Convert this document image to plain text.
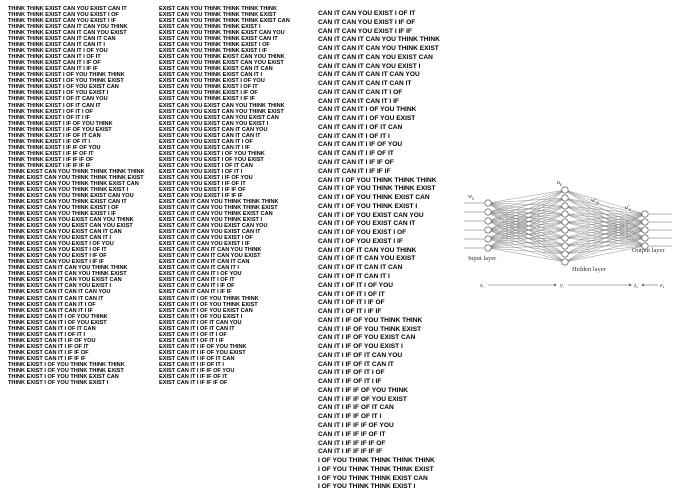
THINK THINK EXIST CAN YOU EXIST CAN IT
THINK THINK EXIST CAN YOU EXIST I OF
THINK THINK EXIST CAN YOU EXIST I IF
THINK THINK EXIST CAN IT CAN YOU THINK
THINK THINK EXIST CAN IT CAN YOU EXIST
THINK THINK EXIST CAN IT CAN IT CAN
THINK THINK EXIST CAN IT CAN IT I
THINK THINK EXIST CAN IT I OF YOU
THINK THINK EXIST CAN IT I OF IT
THINK THINK EXIST CAN IT I IF OF
THINK THINK EXIST CAN IT I IF IF
THINK THINK EXIST I OF YOU THINK THINK
THINK THINK EXIST I OF YOU THINK EXIST
THINK THINK EXIST I OF YOU EXIST CAN
THINK THINK EXIST I OF YOU EXIST I
THINK THINK EXIST I OF IT CAN YOU
THINK THINK EXIST I OF IT CAN IT
THINK THINK EXIST I OF IT I OF
THINK THINK EXIST I OF IT I IF
THINK THINK EXIST I IF OF YOU THINK
THINK THINK EXIST I IF OF YOU EXIST
THINK THINK EXIST I IF OF IT CAN
THINK THINK EXIST I IF OF IT I
THINK THINK EXIST I IF IF OF YOU
THINK THINK EXIST I IF IF OF IT
THINK THINK EXIST I IF IF IF OF
THINK THINK EXIST I IF IF IF IF
THINK EXIST CAN YOU THINK THINK THINK THINK
THINK EXIST CAN YOU THINK THINK THINK EXIST
THINK EXIST CAN YOU THINK THINK EXIST CAN
THINK EXIST CAN YOU THINK THINK EXIST I
THINK EXIST CAN YOU THINK EXIST CAN YOU
THINK EXIST CAN YOU THINK EXIST CAN IT
THINK EXIST CAN YOU THINK EXIST I OF
THINK EXIST CAN YOU THINK EXIST I IF
THINK EXIST CAN YOU EXIST CAN YOU THINK
THINK EXIST CAN YOU EXIST CAN YOU EXIST
THINK EXIST CAN YOU EXIST CAN IT CAN
THINK EXIST CAN YOU EXIST CAN IT I
THINK EXIST CAN YOU EXIST I OF YOU
THINK EXIST CAN YOU EXIST I OF IT
THINK EXIST CAN YOU EXIST I IF OF
THINK EXIST CAN YOU EXIST I IF IF
THINK EXIST CAN IT CAN YOU THINK THINK
THINK EXIST CAN IT CAN YOU THINK EXIST
THINK EXIST CAN IT CAN YOU EXIST CAN
THINK EXIST CAN IT CAN YOU EXIST I
THINK EXIST CAN IT CAN IT CAN YOU
THINK EXIST CAN IT CAN IT CAN IT
THINK EXIST CAN IT CAN IT I OF
THINK EXIST CAN IT CAN IT I IF
THINK EXIST CAN IT I OF YOU THINK
THINK EXIST CAN IT I OF YOU EXIST
THINK EXIST CAN IT I OF IT CAN
THINK EXIST CAN IT I OF IT I
THINK EXIST CAN IT I IF OF YOU
THINK EXIST CAN IT I IF OF IT
THINK EXIST CAN IT I IF IF OF
THINK EXIST CAN IT I IF IF IF
THINK EXIST I OF YOU THINK THINK THINK
THINK EXIST I OF YOU THINK THINK EXIST
THINK EXIST I OF YOU THINK EXIST CAN
THINK EXIST I OF YOU THINK EXIST I
EXIST CAN YOU THINK THINK THINK THINK
EXIST CAN YOU THINK THINK THINK EXIST
EXIST CAN YOU THINK THINK THINK EXIST CAN
EXIST CAN YOU THINK THINK EXIST I
EXIST CAN YOU THINK THINK EXIST CAN YOU
EXIST CAN YOU THINK THINK EXIST CAN IT
EXIST CAN YOU THINK THINK EXIST I OF
EXIST CAN YOU THINK THINK EXIST I IF
EXIST CAN YOU THINK EXIST CAN YOU THINK
EXIST CAN YOU THINK EXIST CAN YOU EXIST
EXIST CAN YOU THINK EXIST CAN IT CAN
EXIST CAN YOU THINK EXIST CAN IT I
EXIST CAN YOU THINK EXIST I OF YOU
EXIST CAN YOU THINK EXIST I OF IT
EXIST CAN YOU THINK EXIST I IF OF
EXIST CAN YOU THINK EXIST I IF IF
EXIST CAN YOU EXIST CAN YOU THINK THINK
EXIST CAN YOU EXIST CAN YOU THINK EXIST
EXIST CAN YOU EXIST CAN YOU EXIST CAN
EXIST CAN YOU EXIST CAN YOU EXIST I
EXIST CAN YOU EXIST CAN IT CAN YOU
EXIST CAN YOU EXIST CAN IT CAN IT
EXIST CAN YOU EXIST CAN IT I OF
EXIST CAN YOU EXIST CAN IT I IF
EXIST CAN YOU EXIST I OF YOU THINK
EXIST CAN YOU EXIST I OF YOU EXIST
EXIST CAN YOU EXIST I OF IT CAN
EXIST CAN YOU EXIST I OF IT I
EXIST CAN YOU EXIST I IF OF YOU
EXIST CAN YOU EXIST I IF OF IT
EXIST CAN YOU EXIST I IF IF OF
EXIST CAN YOU EXIST I IF IF IF
EXIST CAN IT CAN YOU THINK THINK THINK
EXIST CAN IT CAN YOU THINK THINK EXIST
EXIST CAN IT CAN YOU THINK EXIST CAN
EXIST CAN IT CAN YOU THINK EXIST I
EXIST CAN IT CAN YOU EXIST CAN YOU
EXIST CAN IT CAN YOU EXIST CAN IT
EXIST CAN IT CAN YOU EXIST I OF
EXIST CAN IT CAN YOU EXIST I IF
EXIST CAN IT CAN IT CAN YOU THINK
EXIST CAN IT CAN IT CAN YOU EXIST
EXIST CAN IT CAN IT CAN IT CAN
EXIST CAN IT CAN IT CAN IT I
EXIST CAN IT CAN IT I OF YOU
EXIST CAN IT CAN IT I OF IT
EXIST CAN IT CAN IT I IF OF
EXIST CAN IT CAN IT I IF IF
EXIST CAN IT I OF YOU THINK THINK
EXIST CAN IT I OF YOU THINK EXIST
EXIST CAN IT I OF YOU EXIST CAN
EXIST CAN IT I OF YOU EXIST I
EXIST CAN IT I OF IT CAN YOU
EXIST CAN IT I OF IT CAN IT
EXIST CAN IT I OF IT I OF
EXIST CAN IT I OF IT I IF
EXIST CAN IT I IF OF YOU THINK
EXIST CAN IT I IF OF YOU EXIST
EXIST CAN IT I IF OF IT CAN
EXIST CAN IT I IF OF IT I
EXIST CAN IT I IF IF OF YOU
EXIST CAN IT I IF IF OF IT
EXIST CAN IT I IF IF IF OF
CAN IT CAN YOU EXIST I OF IT
CAN IT CAN YOU EXIST I IF OF
CAN IT CAN YOU EXIST I IF IF
CAN IT CAN IT CAN YOU THINK THINK
CAN IT CAN IT CAN YOU THINK EXIST
CAN IT CAN IT CAN YOU EXIST CAN
CAN IT CAN IT CAN YOU EXIST I
CAN IT CAN IT CAN IT CAN YOU
CAN IT CAN IT CAN IT CAN IT
CAN IT CAN IT CAN IT I OF
CAN IT CAN IT CAN IT I IF
CAN IT CAN IT I OF YOU THINK
CAN IT CAN IT I OF YOU EXIST
CAN IT CAN IT I OF IT CAN
CAN IT CAN IT I OF IT I
CAN IT CAN IT I IF OF YOU
CAN IT CAN IT I IF OF IT
CAN IT CAN IT I IF IF OF
CAN IT CAN IT I IF IF IF
CAN IT I OF YOU THINK THINK THINK
CAN IT I OF YOU THINK THINK EXIST
CAN IT I OF YOU THINK EXIST CAN
CAN IT I OF YOU THINK EXIST I
CAN IT I OF YOU EXIST CAN YOU
CAN IT I OF YOU EXIST CAN IT
CAN IT I OF YOU EXIST I OF
CAN IT I OF YOU EXIST I IF
CAN IT I OF IT CAN YOU THINK
CAN IT I OF IT CAN YOU EXIST
CAN IT I OF IT CAN IT CAN
CAN IT I OF IT CAN IT I
CAN IT I OF IT I OF YOU
CAN IT I OF IT I OF IT
CAN IT I OF IT I IF OF
CAN IT I OF IT I IF IF
CAN IT I IF OF YOU THINK THINK
CAN IT I IF OF YOU THINK EXIST
CAN IT I IF OF YOU EXIST CAN
CAN IT I IF OF YOU EXIST I
CAN IT I IF OF IT CAN YOU
CAN IT I IF OF IT CAN IT
CAN IT I IF OF IT I OF
CAN IT I IF OF IT I IF
CAN IT I IF IF OF YOU THINK
CAN IT I IF IF OF YOU EXIST
CAN IT I IF IF OF IT CAN
CAN IT I IF IF OF IT I
CAN IT I IF IF IF OF YOU
CAN IT I IF IF IF OF IT
CAN IT I IF IF IF IF OF
CAN IT I IF IF IF IF IF
I OF YOU THINK THINK THINK THINK
I OF YOU THINK THINK THINK EXIST
I OF YOU THINK THINK EXIST CAN
I OF YOU THINK THINK EXIST I
$w_k$
$u_k$
$w'_{jk}$
$u'_k$
Input layer
Hidden layer
Output layer
$x_i$	$y_j$	$z_k$	$e_k$
